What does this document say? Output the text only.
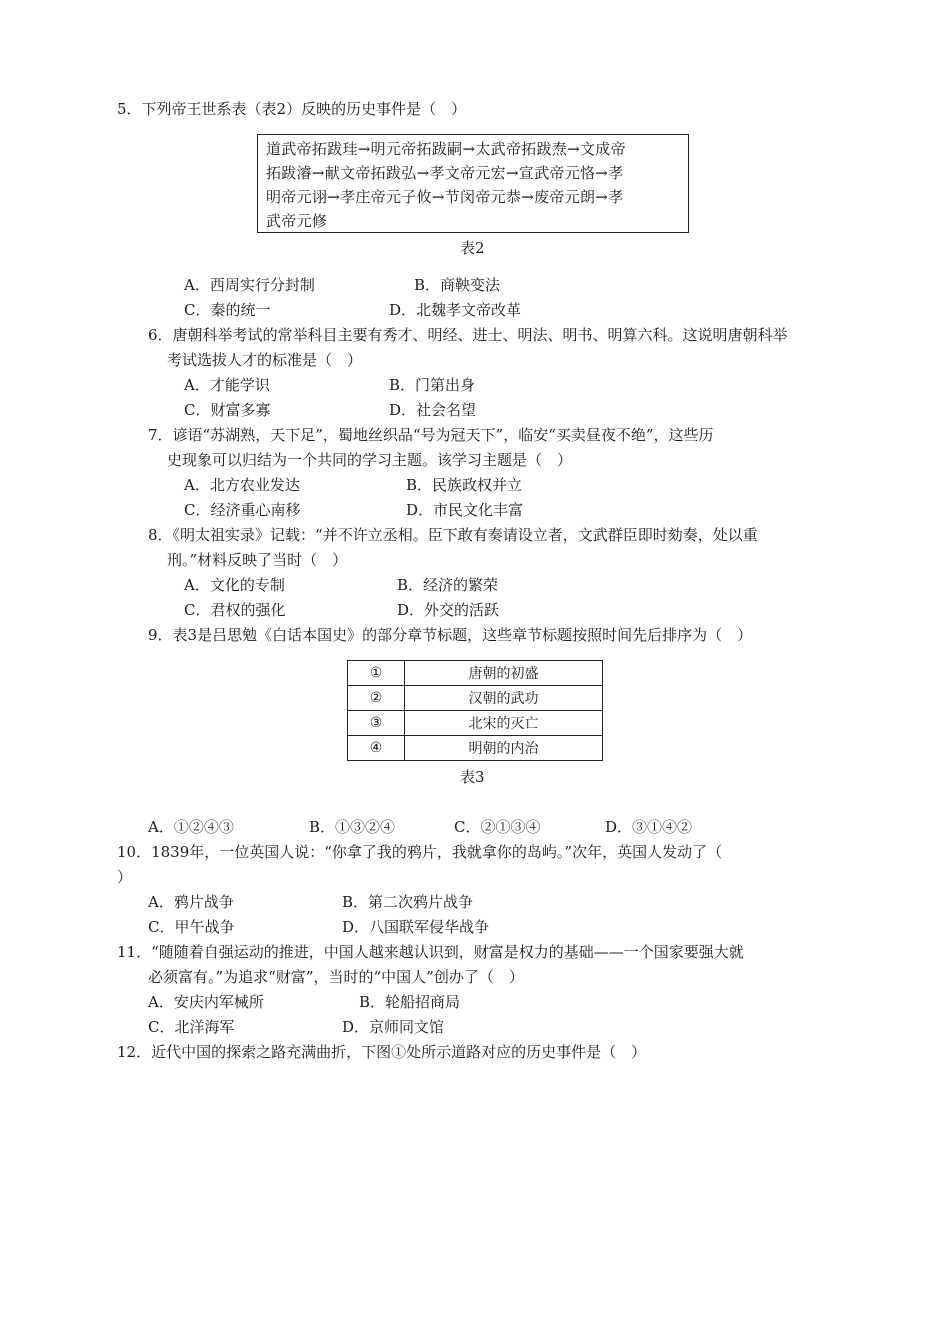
5．下列帝王世系表（表2）反映的历史事件是（　）
道武帝拓跋珪→明元帝拓跋嗣→太武帝拓跋焘→文成帝
拓跋濬→献文帝拓跋弘→孝文帝元宏→宣武帝元恪→孝
明帝元诩→孝庄帝元子攸→节闵帝元恭→废帝元朗→孝
武帝元修
表2
A．西周实行分封制	B．商鞅变法
C．秦的统一	D．北魏孝文帝改革
6．唐朝科举考试的常举科目主要有秀才、明经、进士、明法、明书、明算六科。这说明唐朝科举
考试选拔人才的标准是（　）
A．才能学识	B．门第出身
C．财富多寡	D．社会名望
7．谚语“苏湖熟，天下足”，蜀地丝织品“号为冠天下”，临安“买卖昼夜不绝”，这些历
史现象可以归结为一个共同的学习主题。该学习主题是（　）
A．北方农业发达	B．民族政权并立
C．经济重心南移	D．市民文化丰富
8．《明太祖实录》记载：“并不许立丞相。臣下敢有奏请设立者，文武群臣即时劾奏，处以重
刑。”材料反映了当时（　）
A．文化的专制	B．经济的繁荣
C．君权的强化	D．外交的活跃
9．表3是吕思勉《白话本国史》的部分章节标题，这些章节标题按照时间先后排序为（　）
①	唐朝的初盛
②	汉朝的武功
③	北宋的灭亡
④	明朝的内治
表3
A．①②④③	B．①③②④	C．②①③④	D．③①④②
10．1839年，一位英国人说：“你拿了我的鸦片，我就拿你的岛屿。”次年，英国人发动了（
）
A．鸦片战争	B．第二次鸦片战争
C．甲午战争	D．八国联军侵华战争
11．“随随着自强运动的推进，中国人越来越认识到，财富是权力的基础——一个国家要强大就
必须富有。”为追求“财富”，当时的“中国人”创办了（　）
A．安庆内军械所	B．轮船招商局
C．北洋海军	D．京师同文馆
12．近代中国的探索之路充满曲折，下图①处所示道路对应的历史事件是（　）
